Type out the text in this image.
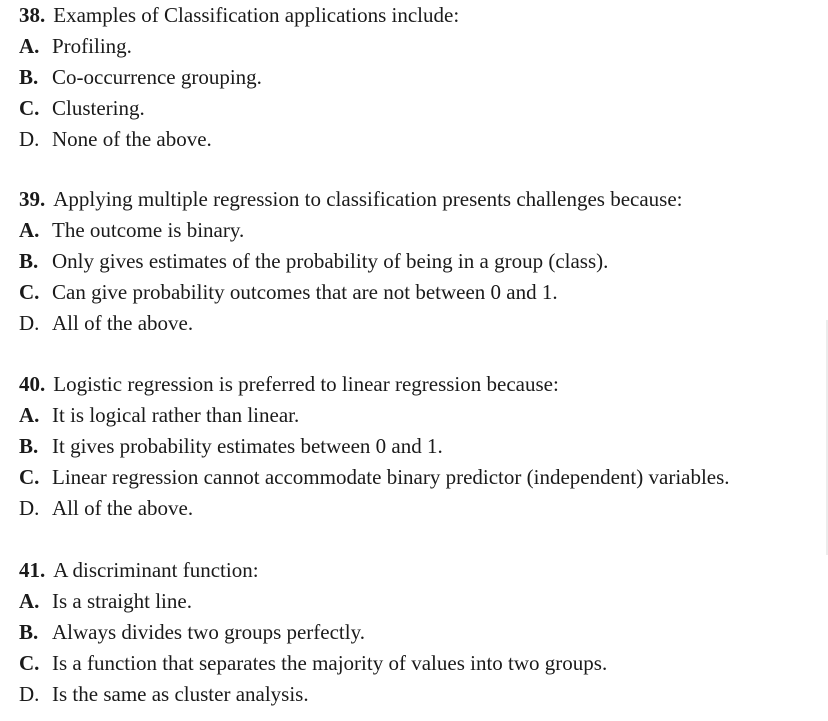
38. Examples of Classification applications include:
A. Profiling.
B. Co-occurrence grouping.
C. Clustering.
D. None of the above.
39. Applying multiple regression to classification presents challenges because:
A. The outcome is binary.
B. Only gives estimates of the probability of being in a group (class).
C. Can give probability outcomes that are not between 0 and 1.
D. All of the above.
40. Logistic regression is preferred to linear regression because:
A. It is logical rather than linear.
B. It gives probability estimates between 0 and 1.
C. Linear regression cannot accommodate binary predictor (independent) variables.
D. All of the above.
41. A discriminant function:
A. Is a straight line.
B. Always divides two groups perfectly.
C. Is a function that separates the majority of values into two groups.
D. Is the same as cluster analysis.
